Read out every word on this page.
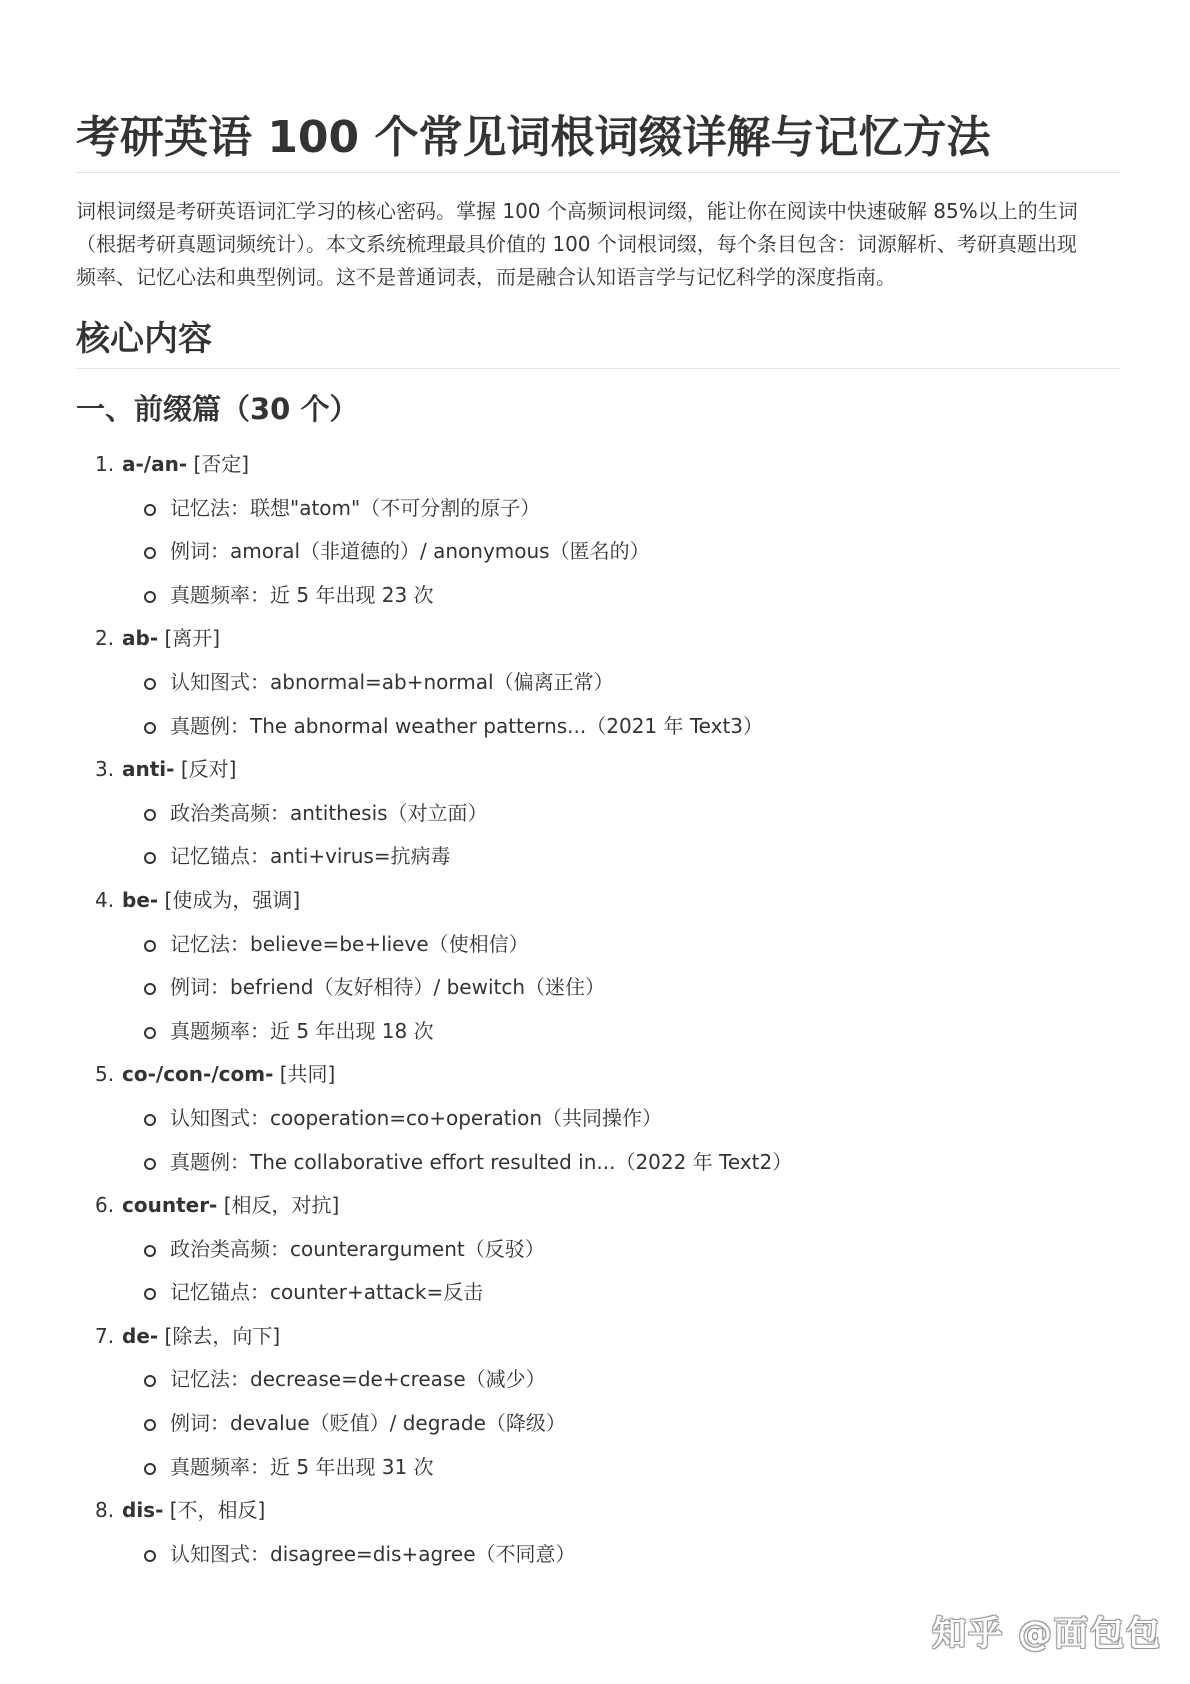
考研英语 100 个常见词根词缀详解与记忆方法
词根词缀是考研英语词汇学习的核心密码。掌握 100 个高频词根词缀，能让你在阅读中快速破解 85%以上的生词
（根据考研真题词频统计）。本文系统梳理最具价值的 100 个词根词缀，每个条目包含：词源解析、考研真题出现
频率、记忆心法和典型例词。这不是普通词表，而是融合认知语言学与记忆科学的深度指南。
核心内容
一、前缀篇（30 个）
1. a-/an- [否定]
记忆法：联想"atom"（不可分割的原子）
例词：amoral（非道德的）/ anonymous（匿名的）
真题频率：近 5 年出现 23 次
2. ab- [离开]
认知图式：abnormal=ab+normal（偏离正常）
真题例：The abnormal weather patterns...（2021 年 Text3）
3. anti- [反对]
政治类高频：antithesis（对立面）
记忆锚点：anti+virus=抗病毒
4. be- [使成为，强调]
记忆法：believe=be+lieve（使相信）
例词：befriend（友好相待）/ bewitch（迷住）
真题频率：近 5 年出现 18 次
5. co-/con-/com- [共同]
认知图式：cooperation=co+operation（共同操作）
真题例：The collaborative effort resulted in...（2022 年 Text2）
6. counter- [相反，对抗]
政治类高频：counterargument（反驳）
记忆锚点：counter+attack=反击
7. de- [除去，向下]
记忆法：decrease=de+crease（减少）
例词：devalue（贬值）/ degrade（降级）
真题频率：近 5 年出现 31 次
8. dis- [不，相反]
认知图式：disagree=dis+agree（不同意）
知乎 @面包包
